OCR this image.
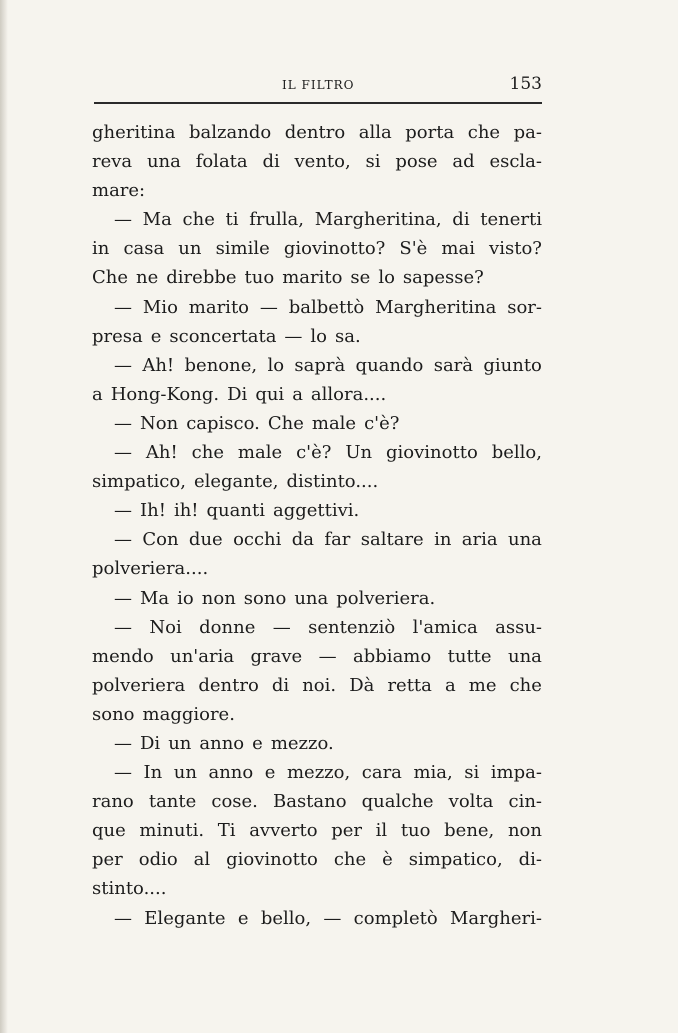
IL FILTRO	153
gheritina balzando dentro alla porta che pa-
reva una folata di vento, si pose ad escla-
mare:
— Ma che ti frulla, Margheritina, di tenerti
in casa un simile giovinotto? S'è mai visto?
Che ne direbbe tuo marito se lo sapesse?
— Mio marito — balbettò Margheritina sor-
presa e sconcertata — lo sa.
— Ah! benone, lo saprà quando sarà giunto
a Hong-Kong. Di qui a allora....
— Non capisco. Che male c'è?
— Ah! che male c'è? Un giovinotto bello,
simpatico, elegante, distinto....
— Ih! ih! quanti aggettivi.
— Con due occhi da far saltare in aria una
polveriera....
— Ma io non sono una polveriera.
— Noi donne — sentenziò l'amica assu-
mendo un'aria grave — abbiamo tutte una
polveriera dentro di noi. Dà retta a me che
sono maggiore.
— Di un anno e mezzo.
— In un anno e mezzo, cara mia, si impa-
rano tante cose. Bastano qualche volta cin-
que minuti. Ti avverto per il tuo bene, non
per odio al giovinotto che è simpatico, di-
stinto....
— Elegante e bello, — completò Margheri-
